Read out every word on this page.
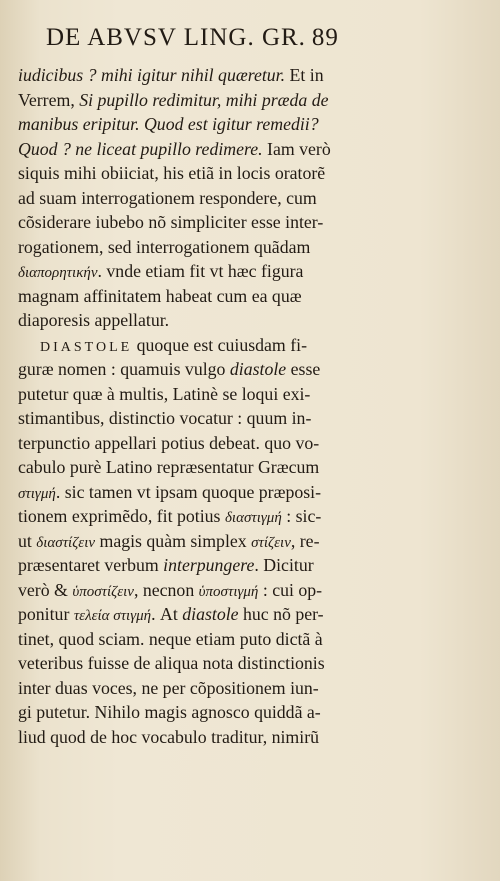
DE ABVSV LING. GR. 89
iudicibus ? mihi igitur nihil quæretur. Et in
Verrem, Si pupillo redimitur, mihi præda de
manibus eripitur. Quod est igitur remedii?
Quod ? ne liceat pupillo redimere. Iam verò
siquis mihi obiiciat, his etiã in locis oratorẽ
ad suam interrogationem respondere, cum
cõsiderare iubebo nõ simpliciter esse inter-
rogationem, sed interrogationem quãdam
διαπορητικήν. vnde etiam fit vt hæc figura
magnam affinitatem habeat cum ea quæ
diaporesis appellatur.
DIASTOLE quoque est cuiusdam fi-
guræ nomen : quamuis vulgo diastole esse
putetur quæ à multis, Latinè se loqui exi-
stimantibus, distinctio vocatur : quum in-
terpunctio appellari potius debeat. quo vo-
cabulo purè Latino repræsentatur Græcum
στιγμή. sic tamen vt ipsam quoque præposi-
tionem exprimẽdo, fit potius διαστιγμή : sic-
ut διαστίζειν magis quàm simplex στίζειν, re-
præsentaret verbum interpungere. Dicitur
verò & ὑποστίζειν, necnon ὑποστιγμή : cui op-
ponitur τελεία στιγμή. At diastole huc nõ per-
tinet, quod sciam. neque etiam puto dictã à
veteribus fuisse de aliqua nota distinctionis
inter duas voces, ne per cõpositionem iun-
gi putetur. Nihilo magis agnosco quiddã a-
liud quod de hoc vocabulo traditur, nimirũ
